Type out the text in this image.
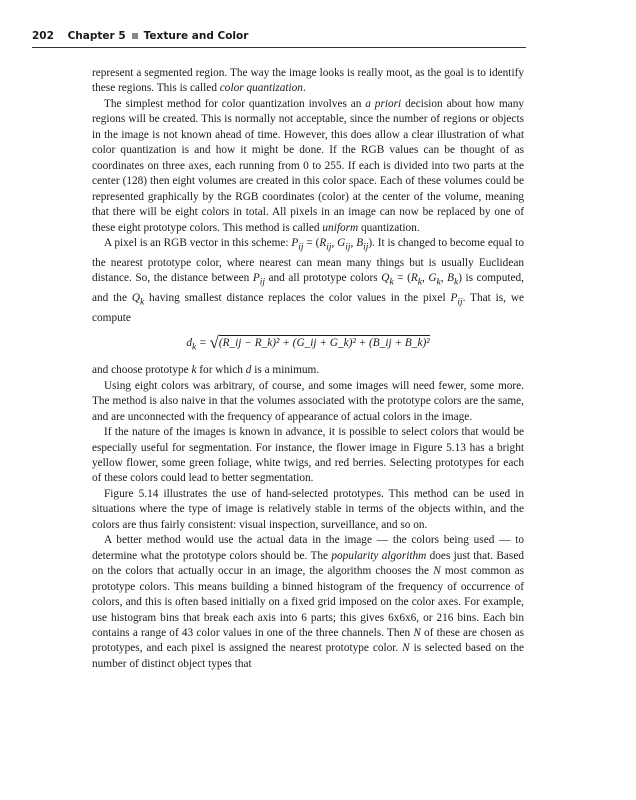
202 Chapter 5 Texture and Color

represent a segmented region. The way the image looks is really moot, as the goal is to identify these regions. This is called color quantization.

The simplest method for color quantization involves an a priori decision about how many regions will be created. This is normally not acceptable, since the number of regions or objects in the image is not known ahead of time. However, this does allow a clear illustration of what color quantization is and how it might be done. If the RGB values can be thought of as coordinates on three axes, each running from 0 to 255. If each is divided into two parts at the center (128) then eight volumes are created in this color space. Each of these volumes could be represented graphically by the RGB coordinates (color) at the center of the volume, meaning that there will be eight colors in total. All pixels in an image can now be replaced by one of these eight prototype colors. This method is called uniform quantization.

A pixel is an RGB vector in this scheme: $P_{ij} = (R_{ij}$, $G_{ij}$, $B_{ij}$). It is changed to become equal to the nearest prototype color, where nearest can mean many things but is usually Euclidean distance. So, the distance between $P_{ij}$ and all prototype colors $Q_k = (R_k$, $G_k$, $B_k$) is computed, and the $Q_k$ having smallest distance replaces the color values in the pixel $P_{ij}$. That is, we compute

$d_k$ = √(R_ij − R_k)² + (G_ij + G_k)² + (B_ij + B_k)²

and choose prototype k for which d is a minimum.

Using eight colors was arbitrary, of course, and some images will need fewer, some more. The method is also naive in that the volumes associated with the prototype colors are the same, and are unconnected with the frequency of appearance of actual colors in the image.

If the nature of the images is known in advance, it is possible to select colors that would be especially useful for segmentation. For instance, the flower image in Figure 5.13 has a bright yellow flower, some green foliage, white twigs, and red berries. Selecting prototypes for each of these colors could lead to better segmentation.

Figure 5.14 illustrates the use of hand-selected prototypes. This method can be used in situations where the type of image is relatively stable in terms of the objects within, and the colors are thus fairly consistent: visual inspection, surveillance, and so on.

A better method would use the actual data in the image — the colors being used — to determine what the prototype colors should be. The popularity algorithm does just that. Based on the colors that actually occur in an image, the algorithm chooses the N most common as prototype colors. This means building a binned histogram of the frequency of occurrence of colors, and this is often based initially on a fixed grid imposed on the color axes. For example, use histogram bins that break each axis into 6 parts; this gives 6x6x6, or 216 bins. Each bin contains a range of 43 color values in one of the three channels. Then N of these are chosen as prototypes, and each pixel is assigned the nearest prototype color. N is selected based on the number of distinct object types that
